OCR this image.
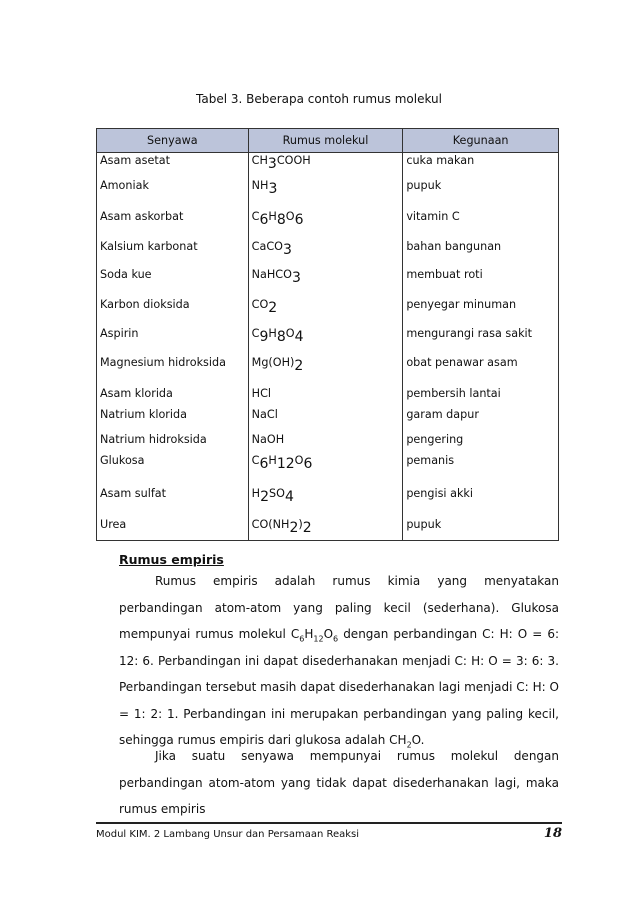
Tabel 3. Beberapa contoh rumus molekul
Senyawa	Rumus molekul	Kegunaan
Asam asetat	$CH_3COOH$	cuka makan
Amoniak	$NH_3$	pupuk
Asam askorbat	$C_6H_8O_6$	vitamin C
Kalsium karbonat	CaCO$_3$	bahan bangunan
Soda kue	NaHCO$_3$	membuat roti
Karbon dioksida	$CO_2$	penyegar minuman
Aspirin	$C_9H_8O_4$	mengurangi rasa sakit
Magnesium hidroksida	$Mg(OH)_2$	obat penawar asam
Asam klorida	HCl	pembersih lantai
Natrium klorida	NaCl	garam dapur
Natrium hidroksida	NaOH	pengering
Glukosa	$C_6H_{12}O_6$	pemanis
Asam sulfat	$H_2SO_4$	pengisi akki
Urea	$CO(NH_2)_2$	pupuk
Rumus empiris

Rumus empiris adalah rumus kimia yang menyatakan perbandingan atom-atom yang paling kecil (sederhana). Glukosa mempunyai rumus molekul $C_6H_{12}O_6$ dengan perbandingan C: H: O = 6: 12: 6. Perbandingan ini dapat disederhanakan menjadi C: H: O = 3: 6: 3. Perbandingan tersebut masih dapat disederhanakan lagi menjadi C: H: O = 1: 2: 1. Perbandingan ini merupakan perbandingan yang paling kecil, sehingga rumus empiris dari glukosa adalah $CH_2O$.

Jika suatu senyawa mempunyai rumus molekul dengan perbandingan atom-atom yang tidak dapat disederhanakan lagi, maka rumus empiris

Modul KIM. 2 Lambang Unsur dan Persamaan Reaksi	18
